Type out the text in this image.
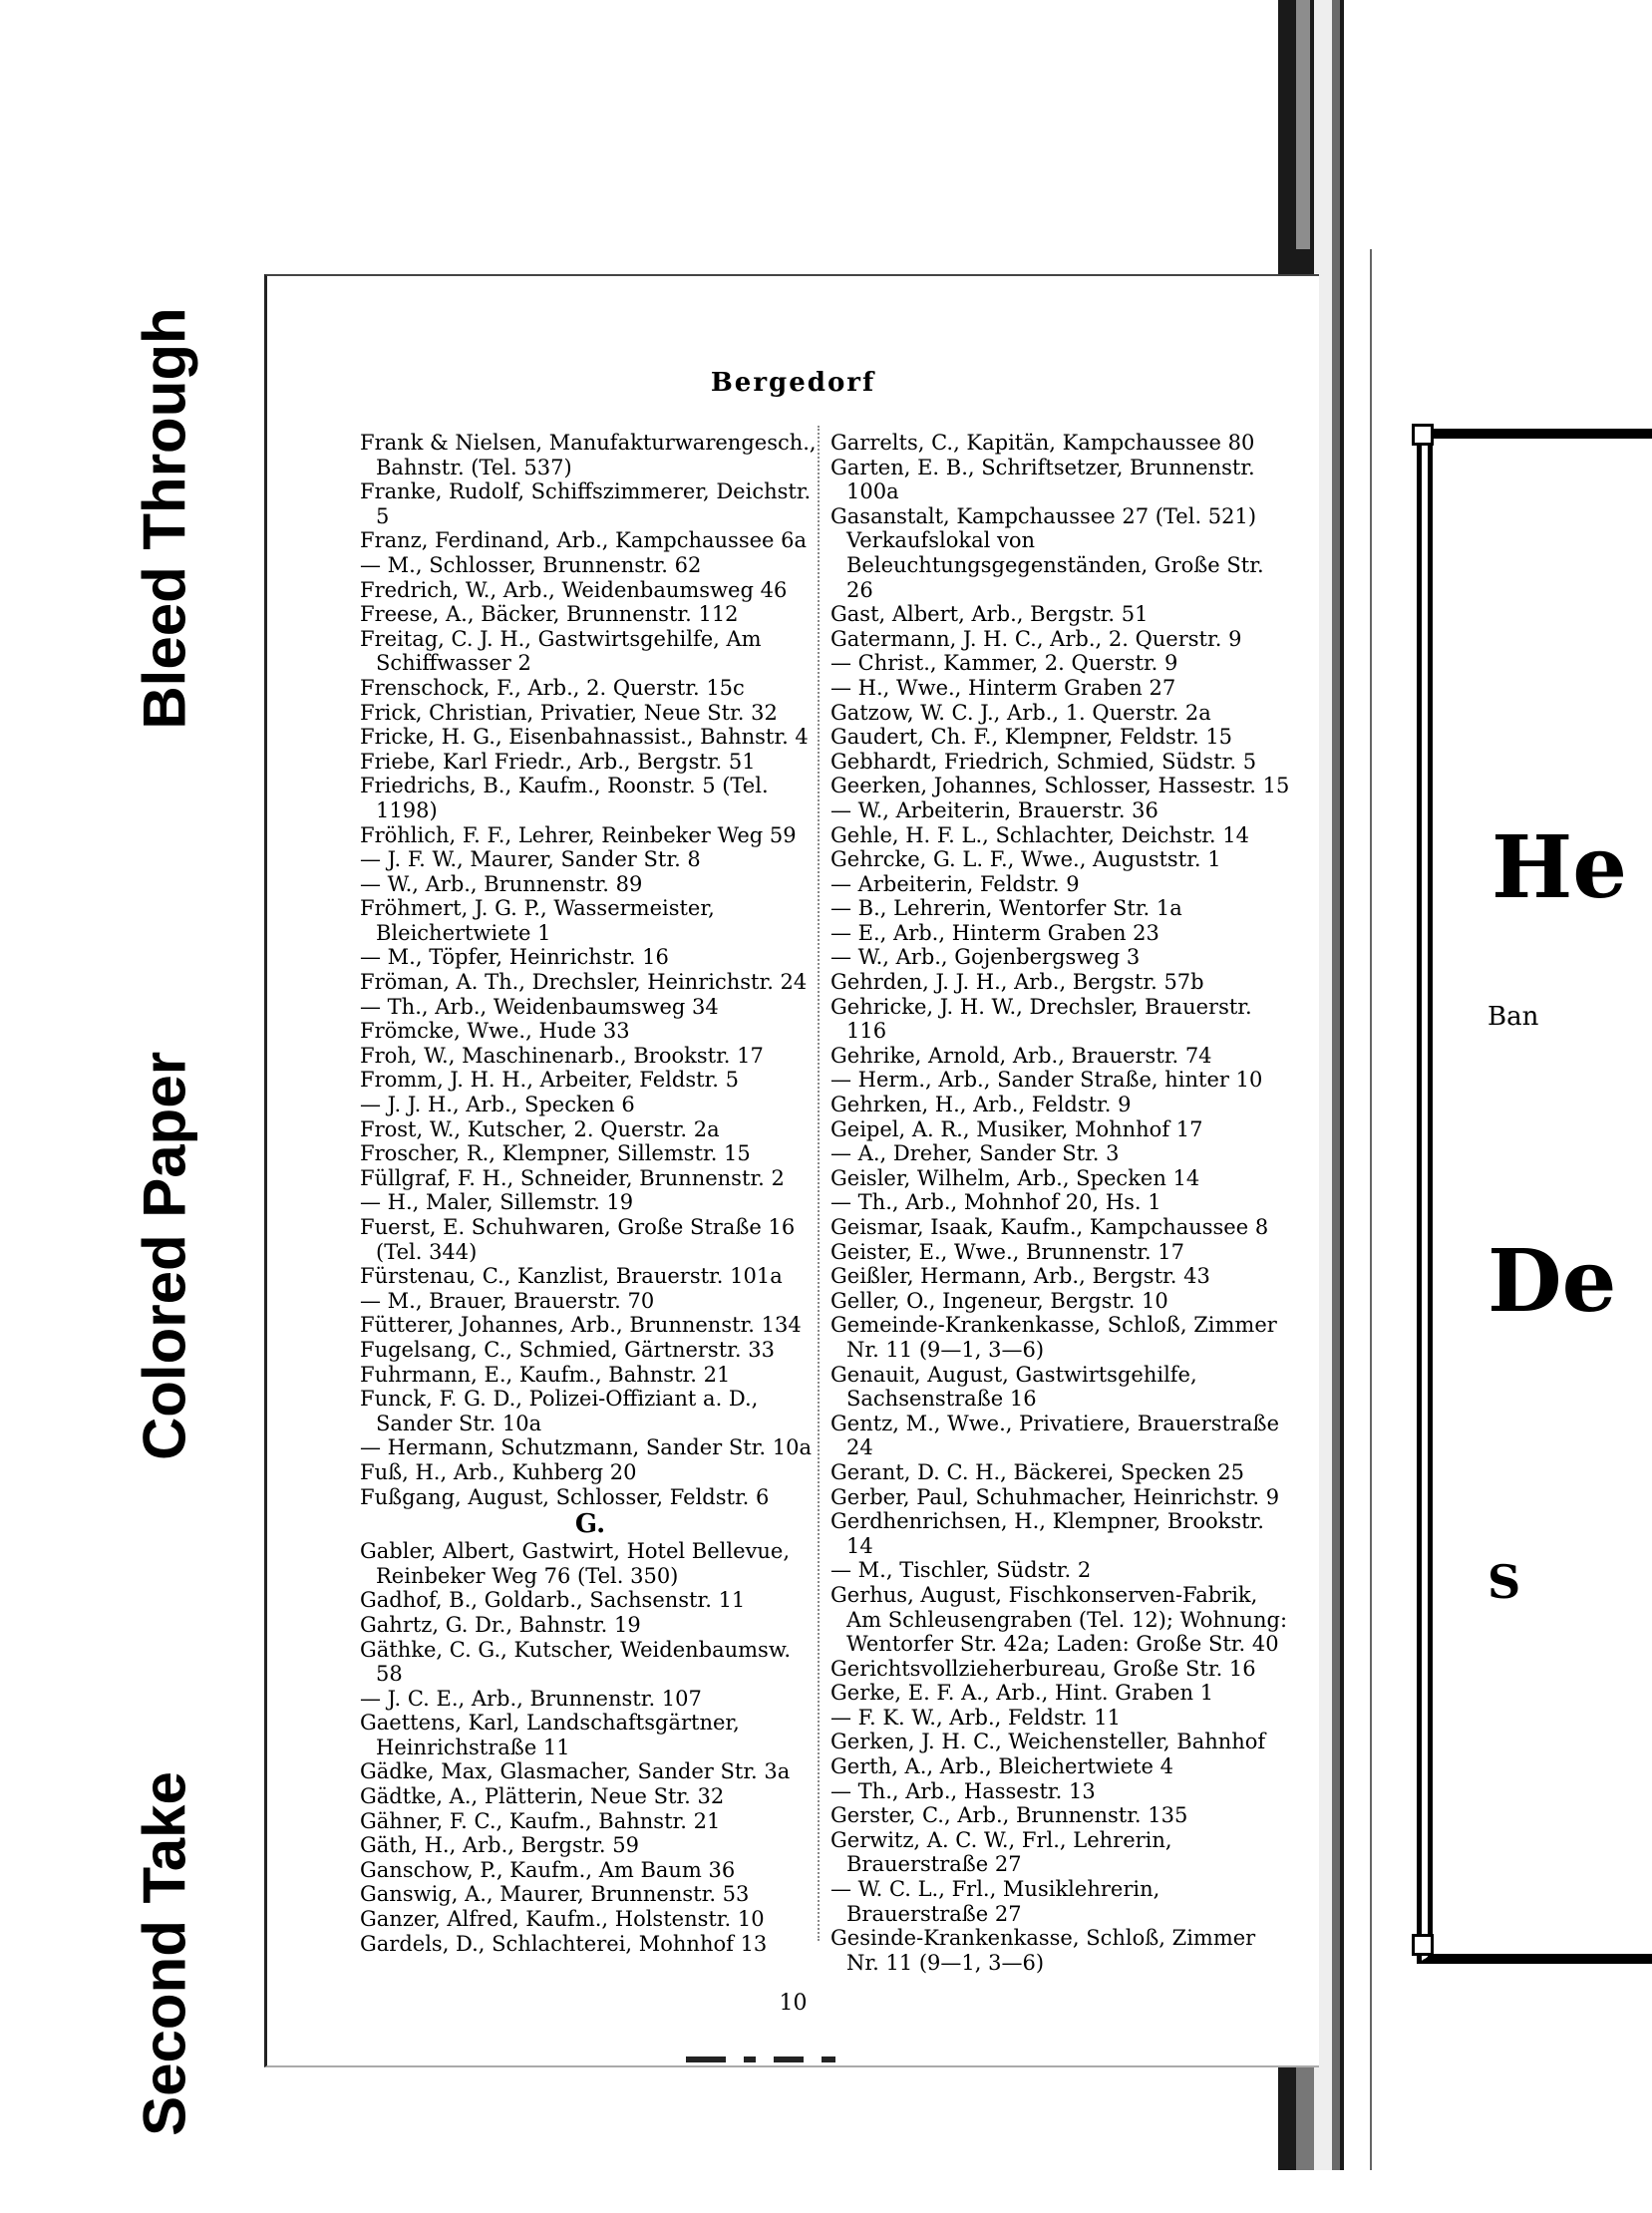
Bleed Through
Colored Paper
Second Take
Bergedorf
Frank & Nielsen, Manufakturwarengesch., Bahnstr. (Tel. 537)
Franke, Rudolf, Schiffszimmerer, Deichstr. 5
Franz, Ferdinand, Arb., Kampchaussee 6a
— M., Schlosser, Brunnenstr. 62
Fredrich, W., Arb., Weidenbaumsweg 46
Freese, A., Bäcker, Brunnenstr. 112
Freitag, C. J. H., Gastwirtsgehilfe, Am Schiffwasser 2
Frenschock, F., Arb., 2. Querstr. 15c
Frick, Christian, Privatier, Neue Str. 32
Fricke, H. G., Eisenbahnassist., Bahnstr. 4
Friebe, Karl Friedr., Arb., Bergstr. 51
Friedrichs, B., Kaufm., Roonstr. 5 (Tel. 1198)
Fröhlich, F. F., Lehrer, Reinbeker Weg 59
— J. F. W., Maurer, Sander Str. 8
— W., Arb., Brunnenstr. 89
Fröhmert, J. G. P., Wassermeister, Bleichertwiete 1
— M., Töpfer, Heinrichstr. 16
Fröman, A. Th., Drechsler, Heinrichstr. 24
— Th., Arb., Weidenbaumsweg 34
Frömcke, Wwe., Hude 33
Froh, W., Maschinenarb., Brookstr. 17
Fromm, J. H. H., Arbeiter, Feldstr. 5
— J. J. H., Arb., Specken 6
Frost, W., Kutscher, 2. Querstr. 2a
Froscher, R., Klempner, Sillemstr. 15
Füllgraf, F. H., Schneider, Brunnenstr. 2
— H., Maler, Sillemstr. 19
Fuerst, E. Schuhwaren, Große Straße 16 (Tel. 344)
Fürstenau, C., Kanzlist, Brauerstr. 101a
— M., Brauer, Brauerstr. 70
Fütterer, Johannes, Arb., Brunnenstr. 134
Fugelsang, C., Schmied, Gärtnerstr. 33
Fuhrmann, E., Kaufm., Bahnstr. 21
Funck, F. G. D., Polizei-Offiziant a. D., Sander Str. 10a
— Hermann, Schutzmann, Sander Str. 10a
Fuß, H., Arb., Kuhberg 20
Fußgang, August, Schlosser, Feldstr. 6
G.
Gabler, Albert, Gastwirt, Hotel Bellevue, Reinbeker Weg 76 (Tel. 350)
Gadhof, B., Goldarb., Sachsenstr. 11
Gahrtz, G. Dr., Bahnstr. 19
Gäthke, C. G., Kutscher, Weidenbaumsw. 58
— J. C. E., Arb., Brunnenstr. 107
Gaettens, Karl, Landschaftsgärtner, Heinrichstraße 11
Gädke, Max, Glasmacher, Sander Str. 3a
Gädtke, A., Plätterin, Neue Str. 32
Gähner, F. C., Kaufm., Bahnstr. 21
Gäth, H., Arb., Bergstr. 59
Ganschow, P., Kaufm., Am Baum 36
Ganswig, A., Maurer, Brunnenstr. 53
Ganzer, Alfred, Kaufm., Holstenstr. 10
Gardels, D., Schlachterei, Mohnhof 13
Garrelts, C., Kapitän, Kampchaussee 80
Garten, E. B., Schriftsetzer, Brunnenstr. 100a
Gasanstalt, Kampchaussee 27 (Tel. 521) Verkaufslokal von Beleuchtungsgegenständen, Große Str. 26
Gast, Albert, Arb., Bergstr. 51
Gatermann, J. H. C., Arb., 2. Querstr. 9
— Christ., Kammer, 2. Querstr. 9
— H., Wwe., Hinterm Graben 27
Gatzow, W. C. J., Arb., 1. Querstr. 2a
Gaudert, Ch. F., Klempner, Feldstr. 15
Gebhardt, Friedrich, Schmied, Südstr. 5
Geerken, Johannes, Schlosser, Hassestr. 15
— W., Arbeiterin, Brauerstr. 36
Gehle, H. F. L., Schlachter, Deichstr. 14
Gehrcke, G. L. F., Wwe., Auguststr. 1
— Arbeiterin, Feldstr. 9
— B., Lehrerin, Wentorfer Str. 1a
— E., Arb., Hinterm Graben 23
— W., Arb., Gojenbergsweg 3
Gehrden, J. J. H., Arb., Bergstr. 57b
Gehricke, J. H. W., Drechsler, Brauerstr. 116
Gehrike, Arnold, Arb., Brauerstr. 74
— Herm., Arb., Sander Straße, hinter 10
Gehrken, H., Arb., Feldstr. 9
Geipel, A. R., Musiker, Mohnhof 17
— A., Dreher, Sander Str. 3
Geisler, Wilhelm, Arb., Specken 14
— Th., Arb., Mohnhof 20, Hs. 1
Geismar, Isaak, Kaufm., Kampchaussee 8
Geister, E., Wwe., Brunnenstr. 17
Geißler, Hermann, Arb., Bergstr. 43
Geller, O., Ingeneur, Bergstr. 10
Gemeinde-Krankenkasse, Schloß, Zimmer Nr. 11 (9—1, 3—6)
Genauit, August, Gastwirtsgehilfe, Sachsenstraße 16
Gentz, M., Wwe., Privatiere, Brauerstraße 24
Gerant, D. C. H., Bäckerei, Specken 25
Gerber, Paul, Schuhmacher, Heinrichstr. 9
Gerdhenrichsen, H., Klempner, Brookstr. 14
— M., Tischler, Südstr. 2
Gerhus, August, Fischkonserven-Fabrik, Am Schleusengraben (Tel. 12); Wohnung: Wentorfer Str. 42a; Laden: Große Str. 40
Gerichtsvollzieherbureau, Große Str. 16
Gerke, E. F. A., Arb., Hint. Graben 1
— F. K. W., Arb., Feldstr. 11
Gerken, J. H. C., Weichensteller, Bahnhof
Gerth, A., Arb., Bleichertwiete 4
— Th., Arb., Hassestr. 13
Gerster, C., Arb., Brunnenstr. 135
Gerwitz, A. C. W., Frl., Lehrerin, Brauerstraße 27
— W. C. L., Frl., Musiklehrerin, Brauerstraße 27
Gesinde-Krankenkasse, Schloß, Zimmer Nr. 11 (9—1, 3—6)
10
He
Ban
De
S
